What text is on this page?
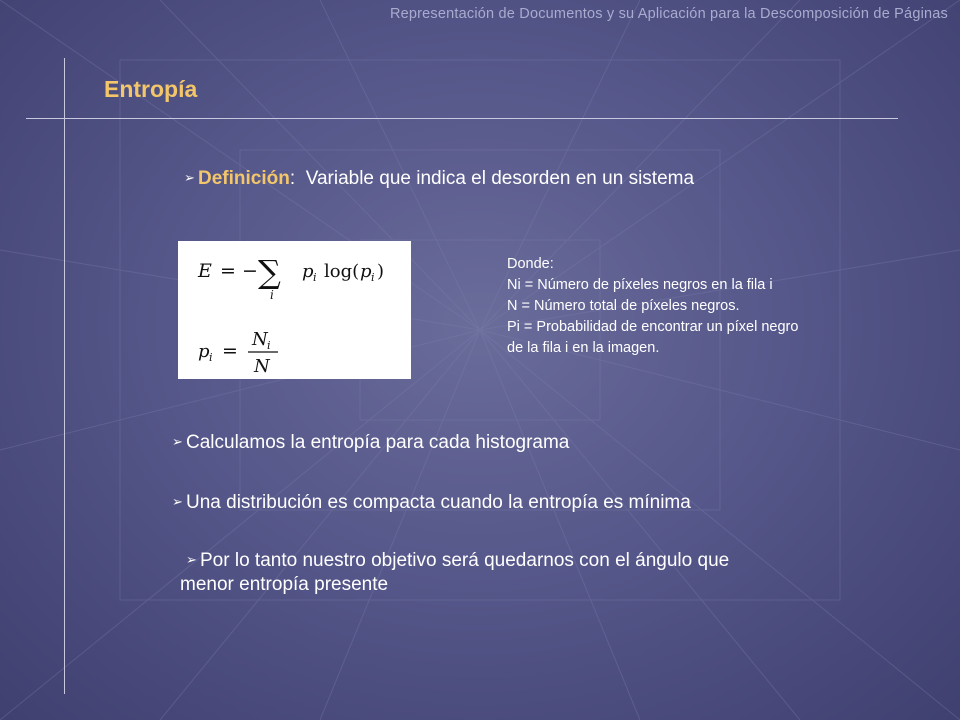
Representación de Documentos y su Aplicación para la Descomposición de Páginas
Entropía
➢ Definición: Variable que indica el desorden en un sistema
E = − ∑
i
p i log( p i )
p i =
N i
N
Donde:
Ni = Número de píxeles negros en la fila i
N = Número total de píxeles negros.
Pi = Probabilidad de encontrar un píxel negro
de la fila i en la imagen.
➢ Calculamos la entropía para cada histograma
➢ Una distribución es compacta cuando la entropía es mínima
➢ Por lo tanto nuestro objetivo será quedarnos con el ángulo que
menor entropía presente
